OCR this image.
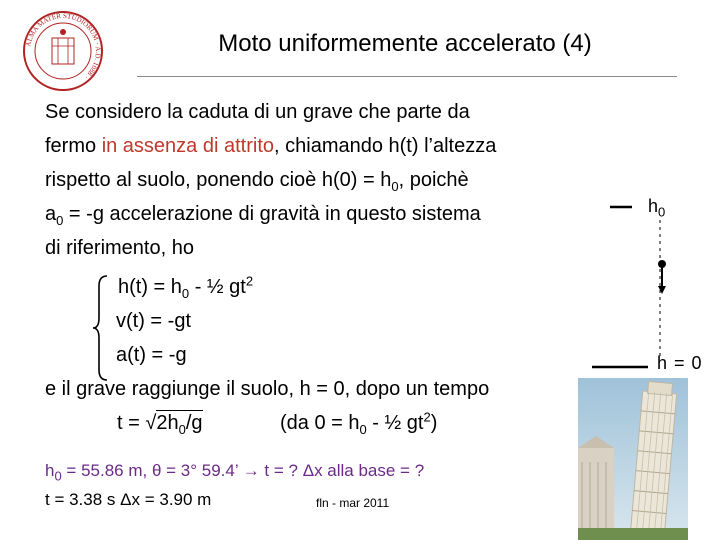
ALMA MATER STUDIORUM · A.D. 1088 ·
Moto uniformemente accelerato (4)
Se considero la caduta di un grave che parte da
fermo in assenza di attrito, chiamando h(t) l’altezza
rispetto al suolo, ponendo cioè $h(0) = h_0$, poichè
$a_0 = -g$ accelerazione di gravità in questo sistema
di riferimento, ho
$h(t) = h_0$ - ½ $gt^2$
v(t) = -gt
a(t) = -g
e il grave raggiunge il suolo, h = 0, dopo un tempo
$t = √2h_0/g$	(da $0 = h_0$ - ½ $gt^2$)
$h_0 = 55.86$ m, θ = 3° 59.4’ → t = ? Δx alla base = ?
t = 3.38 s Δx = 3.90 m	fln - mar 2011
$h_0$
h = 0
